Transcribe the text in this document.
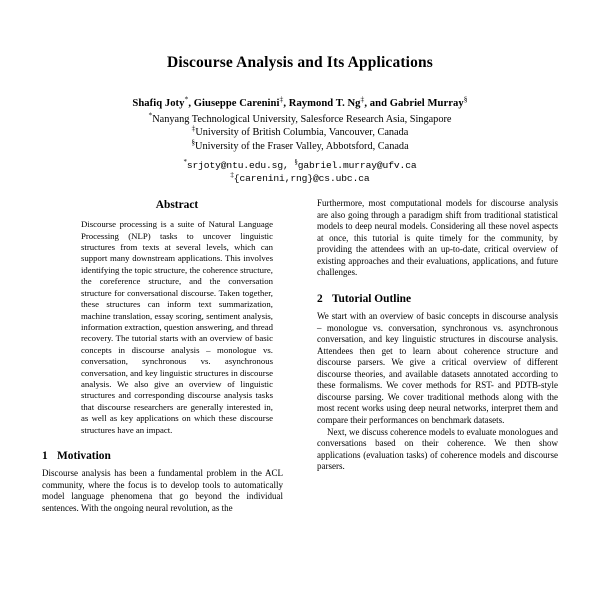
Discourse Analysis and Its Applications
Shafiq Joty*, Giuseppe Carenini‡, Raymond T. Ng‡, and Gabriel Murray§
*Nanyang Technological University, Salesforce Research Asia, Singapore
‡University of British Columbia, Vancouver, Canada
§University of the Fraser Valley, Abbotsford, Canada
*srjoty@ntu.edu.sg, §gabriel.murray@ufv.ca
‡{carenini,rng}@cs.ubc.ca
Abstract

Discourse processing is a suite of Natural Language Processing (NLP) tasks to uncover linguistic structures from texts at several levels, which can support many downstream applications. This involves identifying the topic structure, the coherence structure, the coreference structure, and the conversation structure for conversational discourse. Taken together, these structures can inform text summarization, machine translation, essay scoring, sentiment analysis, information extraction, question answering, and thread recovery. The tutorial starts with an overview of basic concepts in discourse analysis – monologue vs. conversation, synchronous vs. asynchronous conversation, and key linguistic structures in discourse analysis. We also give an overview of linguistic structures and corresponding discourse analysis tasks that discourse researchers are generally interested in, as well as key applications on which these discourse structures have an impact.

1 Motivation

Discourse analysis has been a fundamental problem in the ACL community, where the focus is to develop tools to automatically model language phenomena that go beyond the individual sentences. With the ongoing neural revolution, as the

Furthermore, most computational models for discourse analysis are also going through a paradigm shift from traditional statistical models to deep neural models. Considering all these novel aspects at once, this tutorial is quite timely for the community, by providing the attendees with an up-to-date, critical overview of existing approaches and their evaluations, applications, and future challenges.

2 Tutorial Outline

We start with an overview of basic concepts in discourse analysis – monologue vs. conversation, synchronous vs. asynchronous conversation, and key linguistic structures in discourse analysis. Attendees then get to learn about coherence structure and discourse parsers. We give a critical overview of different discourse theories, and available datasets annotated according to these formalisms. We cover methods for RST- and PDTB-style discourse parsing. We cover traditional methods along with the most recent works using deep neural networks, interpret them and compare their performances on benchmark datasets.

Next, we discuss coherence models to evaluate monologues and conversations based on their coherence. We then show applications (evaluation tasks) of coherence models and discourse parsers.
